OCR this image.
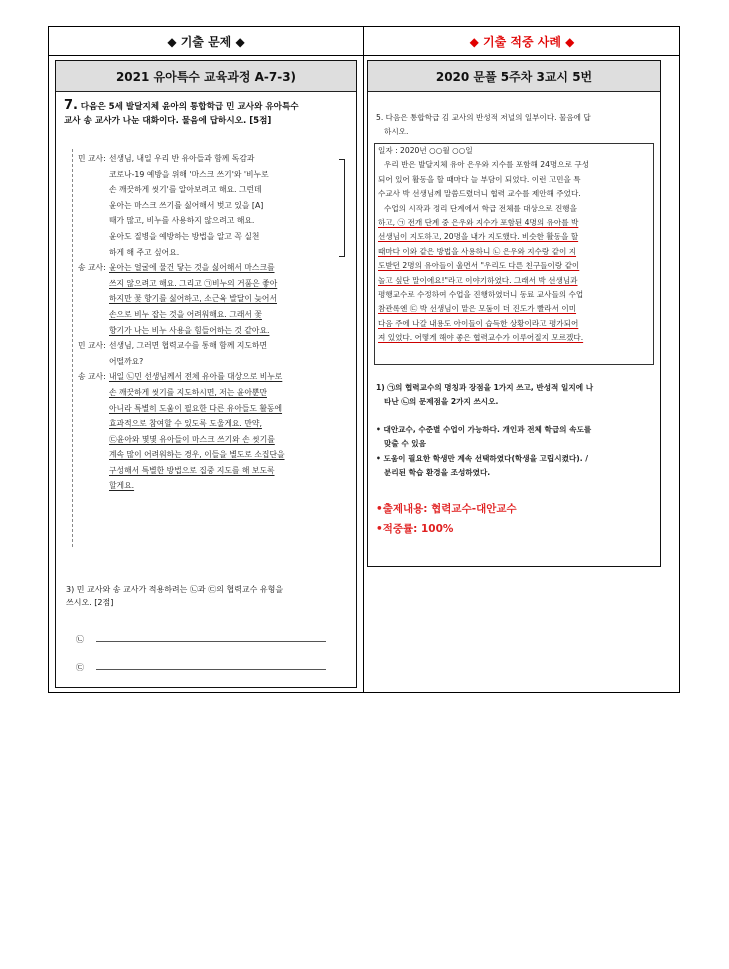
◆ 기출 문제 ◆	◆ 기출 적중 사례 ◆
2021 유아특수 교육과정 A-7-3)
7. 다음은 5세 발달지체 윤아의 통합학급 민 교사와 유아특수
교사 송 교사가 나눈 대화이다. 물음에 답하시오. [5점]
민 교사: 선생님, 내일 우리 반 유아들과 함께 독감과
코로나-19 예방을 위해 '마스크 쓰기'와 '비누로
손 깨끗하게 씻기'를 알아보려고 해요. 그런데
윤아는 마스크 쓰기를 싫어해서 벗고 있을 [A]
때가 많고, 비누를 사용하지 않으려고 해요.
윤아도 질병을 예방하는 방법을 알고 꼭 실천
하게 해 주고 싶어요.
송 교사: 윤아는 얼굴에 물건 닿는 것을 싫어해서 마스크를
쓰지 않으려고 해요. 그리고 ㉠비누의 거품은 좋아
하지만 꽃 향기를 싫어하고, 소근육 발달이 늦어서
손으로 비누 잡는 것을 어려워해요. 그래서 꽃
향기가 나는 비누 사용을 힘들어하는 것 같아요.
민 교사: 선생님, 그러면 협력교수를 통해 함께 지도하면
어떨까요?
송 교사: 내일 ㉡민 선생님께서 전체 유아를 대상으로 비누로
손 깨끗하게 씻기를 지도하시면, 저는 윤아뿐만
아니라 특별히 도움이 필요한 다른 유아들도 활동에
효과적으로 참여할 수 있도록 도울게요. 만약,
㉢윤아와 몇몇 유아들이 마스크 쓰기와 손 씻기를
계속 많이 어려워하는 경우, 이들을 별도로 소집단을
구성해서 특별한 방법으로 집중 지도를 해 보도록
할게요.
3) 민 교사와 송 교사가 적용하려는 ㉡과 ㉢의 협력교수 유형을
쓰시오. [2점]
㉡
㉢
2020 문풀 5주차 3교시 5번
5. 다음은 통합학급 김 교사의 반성적 저널의 일부이다. 물음에 답
하시오.
일자 : 2020년 ○○월 ○○일
우리 반은 발달지체 유아 은우와 지수를 포함해 24명으로 구성
되어 있어 활동을 할 때마다 늘 부담이 되었다. 이런 고민을 특
수교사 박 선생님께 말씀드렸더니 협력 교수를 제안해 주었다.
수업의 시작과 정리 단계에서 학급 전체를 대상으로 진행을
하고, ㉠ 전개 단계 중 은우와 지수가 포함된 4명의 유아를 박
선생님이 지도하고, 20명을 내가 지도했다. 비슷한 활동을 할
때마다 이와 같은 방법을 사용하니 ㉡ 은우와 지수랑 같이 지
도받던 2명의 유아들이 울면서 "우리도 다른 친구들이랑 같이
놀고 싶단 말이에요!"라고 이야기하였다. 그래서 박 선생님과
평행교수로 수정하여 수업을 진행하였더니 동료 교사들의 수업
참관록엔 ㉢ 박 선생님이 맡은 모둠이 더 진도가 빨라서 이미
다음 주에 나갈 내용도 아이들이 습득한 상황이라고 평가되어
져 있었다. 어떻게 해야 좋은 협력교수가 이루어질지 모르겠다.
1) ㉠의 협력교수의 명칭과 장점을 1가지 쓰고, 반성적 일지에 나
타난 ㉡의 문제점을 2가지 쓰시오.
• 대안교수, 수준별 수업이 가능하다. 개인과 전체 학급의 속도를
맞출 수 있음
• 도움이 필요한 학생만 계속 선택하였다(학생을 고립시켰다). /
분리된 학습 환경을 조성하였다.
•출제내용: 협력교수-대안교수
•적중률: 100%
